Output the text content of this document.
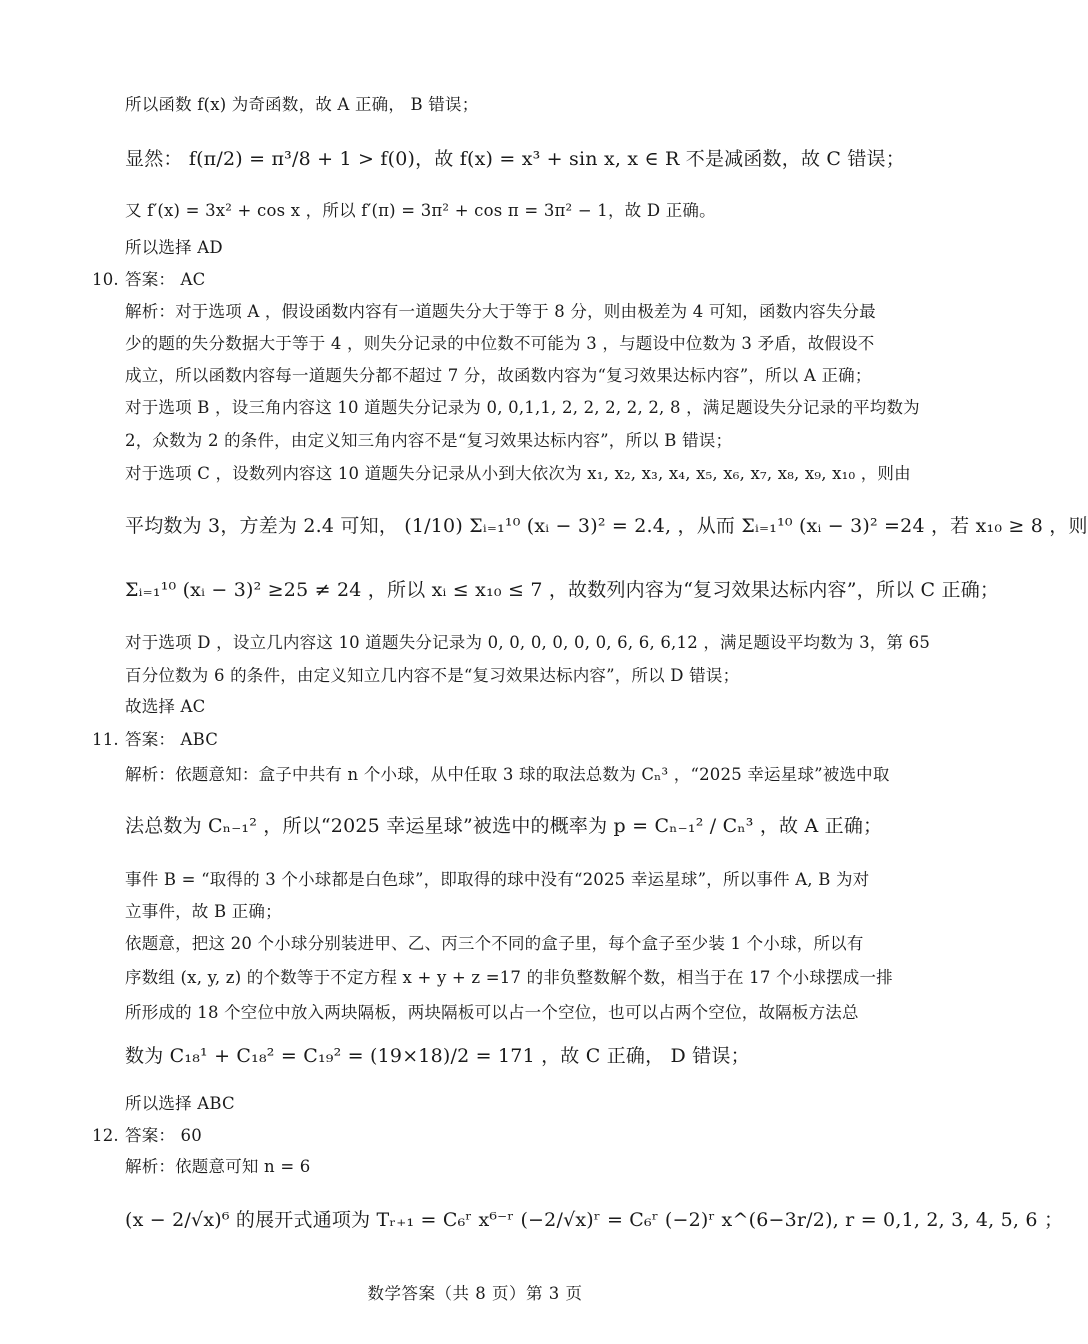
所以函数 f(x) 为奇函数，故 A 正确， B 错误；
显然： f(π/2) = π³/8 + 1 > f(0)，故 f(x) = x³ + sin x, x ∈ R 不是减函数，故 C 错误；
又 f′(x) = 3x² + cos x ，所以 f′(π) = 3π² + cos π = 3π² − 1，故 D 正确。
所以选择 AD
10. 答案： AC
解析：对于选项 A ，假设函数内容有一道题失分大于等于 8 分，则由极差为 4 可知，函数内容失分最
少的题的失分数据大于等于 4 ，则失分记录的中位数不可能为 3 ，与题设中位数为 3 矛盾，故假设不
成立，所以函数内容每一道题失分都不超过 7 分，故函数内容为“复习效果达标内容”，所以 A 正确；
对于选项 B ，设三角内容这 10 道题失分记录为 0, 0,1,1, 2, 2, 2, 2, 2, 8 ，满足题设失分记录的平均数为
2，众数为 2 的条件，由定义知三角内容不是“复习效果达标内容”，所以 B 错误；
对于选项 C ，设数列内容这 10 道题失分记录从小到大依次为 x₁, x₂, x₃, x₄, x₅, x₆, x₇, x₈, x₉, x₁₀ ，则由
平均数为 3，方差为 2.4 可知， (1/10) Σᵢ₌₁¹⁰ (xᵢ − 3)² = 2.4, ，从而 Σᵢ₌₁¹⁰ (xᵢ − 3)² =24 ，若 x₁₀ ≥ 8 ，则
Σᵢ₌₁¹⁰ (xᵢ − 3)² ≥25 ≠ 24 ，所以 xᵢ ≤ x₁₀ ≤ 7 ，故数列内容为“复习效果达标内容”，所以 C 正确；
对于选项 D ，设立几内容这 10 道题失分记录为 0, 0, 0, 0, 0, 0, 6, 6, 6,12 ，满足题设平均数为 3，第 65
百分位数为 6 的条件，由定义知立几内容不是“复习效果达标内容”，所以 D 错误；
故选择 AC
11. 答案： ABC
解析：依题意知：盒子中共有 n 个小球，从中任取 3 球的取法总数为 Cₙ³ ，“2025 幸运星球”被选中取
法总数为 Cₙ₋₁² ，所以“2025 幸运星球”被选中的概率为 p = Cₙ₋₁² / Cₙ³ ，故 A 正确；
事件 B = “取得的 3 个小球都是白色球”，即取得的球中没有“2025 幸运星球”，所以事件 A, B 为对
立事件，故 B 正确；
依题意，把这 20 个小球分别装进甲、乙、丙三个不同的盒子里，每个盒子至少装 1 个小球，所以有
序数组 (x, y, z) 的个数等于不定方程 x + y + z =17 的非负整数解个数，相当于在 17 个小球摆成一排
所形成的 18 个空位中放入两块隔板，两块隔板可以占一个空位，也可以占两个空位，故隔板方法总
数为 C₁₈¹ + C₁₈² = C₁₉² = (19×18)/2 = 171 ，故 C 正确， D 错误；
所以选择 ABC
12. 答案： 60
解析：依题意可知 n = 6
(x − 2/√x)⁶ 的展开式通项为 Tᵣ₊₁ = C₆ʳ x⁶⁻ʳ (−2/√x)ʳ = C₆ʳ (−2)ʳ x^(6−3r/2), r = 0,1, 2, 3, 4, 5, 6 ；
数学答案（共 8 页）第 3 页
